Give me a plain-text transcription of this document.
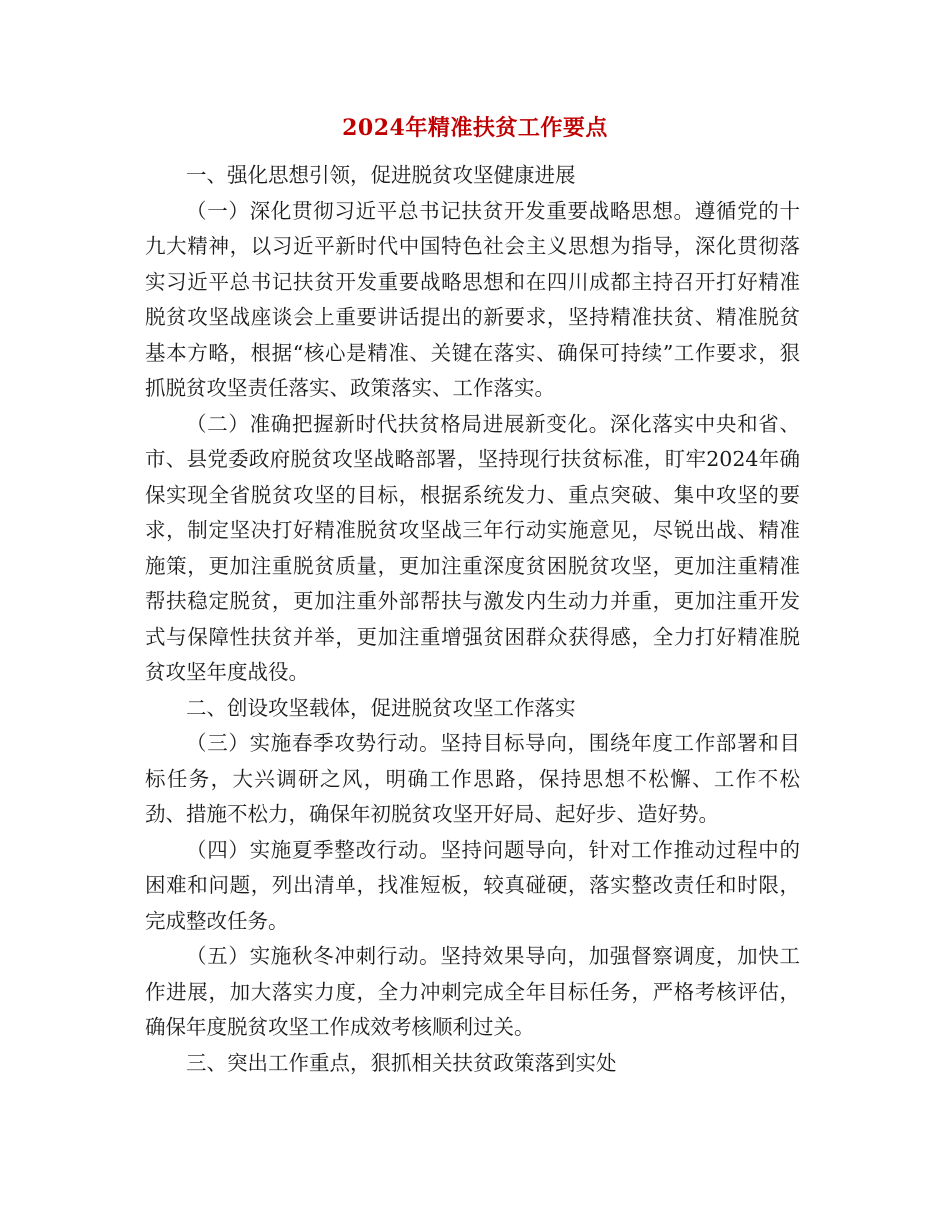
2024年精准扶贫工作要点

一、强化思想引领，促进脱贫攻坚健康进展

（一）深化贯彻习近平总书记扶贫开发重要战略思想。遵循党的十九大精神，以习近平新时代中国特色社会主义思想为指导，深化贯彻落实习近平总书记扶贫开发重要战略思想和在四川成都主持召开打好精准脱贫攻坚战座谈会上重要讲话提出的新要求，坚持精准扶贫、精准脱贫基本方略，根据“核心是精准、关键在落实、确保可持续”工作要求，狠抓脱贫攻坚责任落实、政策落实、工作落实。

（二）准确把握新时代扶贫格局进展新变化。深化落实中央和省、市、县党委政府脱贫攻坚战略部署，坚持现行扶贫标准，盯牢2024年确保实现全省脱贫攻坚的目标，根据系统发力、重点突破、集中攻坚的要求，制定坚决打好精准脱贫攻坚战三年行动实施意见，尽锐出战、精准施策，更加注重脱贫质量，更加注重深度贫困脱贫攻坚，更加注重精准帮扶稳定脱贫，更加注重外部帮扶与激发内生动力并重，更加注重开发式与保障性扶贫并举，更加注重增强贫困群众获得感，全力打好精准脱贫攻坚年度战役。

二、创设攻坚载体，促进脱贫攻坚工作落实

（三）实施春季攻势行动。坚持目标导向，围绕年度工作部署和目标任务，大兴调研之风，明确工作思路，保持思想不松懈、工作不松劲、措施不松力，确保年初脱贫攻坚开好局、起好步、造好势。

（四）实施夏季整改行动。坚持问题导向，针对工作推动过程中的困难和问题，列出清单，找准短板，较真碰硬，落实整改责任和时限，完成整改任务。

（五）实施秋冬冲刺行动。坚持效果导向，加强督察调度，加快工作进展，加大落实力度，全力冲刺完成全年目标任务，严格考核评估，确保年度脱贫攻坚工作成效考核顺利过关。

三、突出工作重点，狠抓相关扶贫政策落到实处
